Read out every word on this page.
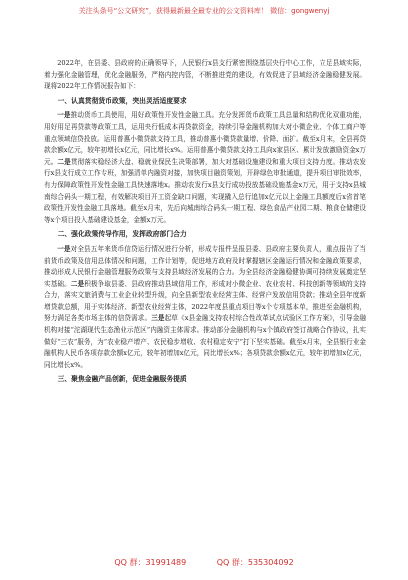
关注头条号“公文研究”，获得最新最全最专业的公文资料库！ 微信：gongwenyj

2022年，在县委、县政府的正确领导下，人民银行x县支行紧密围绕基层央行中心工作，立足县域实际，着力强化金融管理，优化金融服务，严格内控内管，不断推进党的建设，有效促进了县域经济金融稳健发展。现将2022年工作情况报告如下：

一、认真贯彻货币政策，突出灵活适度要求

一是推动货币工具使用，用好政策性开发性金融工具。充分发挥货币政策工具总量和结构优化双重功能，用好用足再贷款等政策工具，运用央行低成本再贷款资金，持续引导金融机构加大对小微企业、个体工商户等重点领域信贷投放。运用普惠小微贷款支持工具，推动普惠小微贷款量增、价降、面扩。截至x月末，全县再贷款余额x亿元，较年初增长x亿元，同比增长x%。运用普惠小微贷款支持工具向x家县区、累计发放激励资金x万元。二是贯彻落实稳经济大盘、稳就业保民生决策部署，加大对基础设施建设和重大项目支持力度。推动农发行x县支行成立工作专班，加强清单内融资对接，加快项目融资策划，开辟绿色审批通道，提升项目审批效率，有力保障政策性开发性金融工具快速落地x。推动农发行x县支行成功投放基础设施基金x万元，用于支持x县城南综合码头一期工程，有效解决项目开工资金缺口问题，实现撬入总行追加x亿元以上金融工具额度后x省首笔政策性开发性金融工具落地。截至x月末，先后向城南综合码头一期工程、绿色食品产业园二期、粮食仓储建设等x个项目投入基础建设基金，金额x万元。

二、强化政策传导作用，发挥政府部门合力

一是对全县五年来货币信贷运行情况进行分析，形成专报件呈报县委、县政府主要负责人，重点报告了当前货币政策及信用总体情况和问题，工作计划等，促进地方政府及时掌握辖区金融运行情况和金融政策要求，推动形成人民银行金融管理服务政策与支持县域经济发展的合力。为全县经济金融稳健协调可持续发展奠定坚实基础。二是积极争取县委、县政府推动县域信用工作，形成对小微企业、农业农村、科技创新等领域的支持合力，落实文旅消费与工业企业转型升级，向全县新型农业经营主体、经营户发放信用贷款；推动全县年度新增贷款总额，用于实体经济、新型农业经营主体，2022年度县重点项目等x个专项基本单，推进至金融机构，努力满足各类市场主体的信贷需求。三是起草《x县金融支持农村综合性改革试点试验区工作方案》，引导金融机构对接“沱湖现代生态渔业示范区”内融资主体需求。推动部分金融机构与x个镇政府签订战略合作协议，扎实做好“三农”服务，为“农业稳产增产、农民稳步增收、农村稳定安宁”打下坚实基础。截至x月末，全县银行业金融机构人民币各项存款余额x亿元，较年初增加x亿元，同比增长x%；各项贷款余额x亿元，较年初增加x亿元，同比增长x%。

三、聚焦金融产品创新，促进金融服务提质
QQ 群：31991489	QQ 群：535304092
